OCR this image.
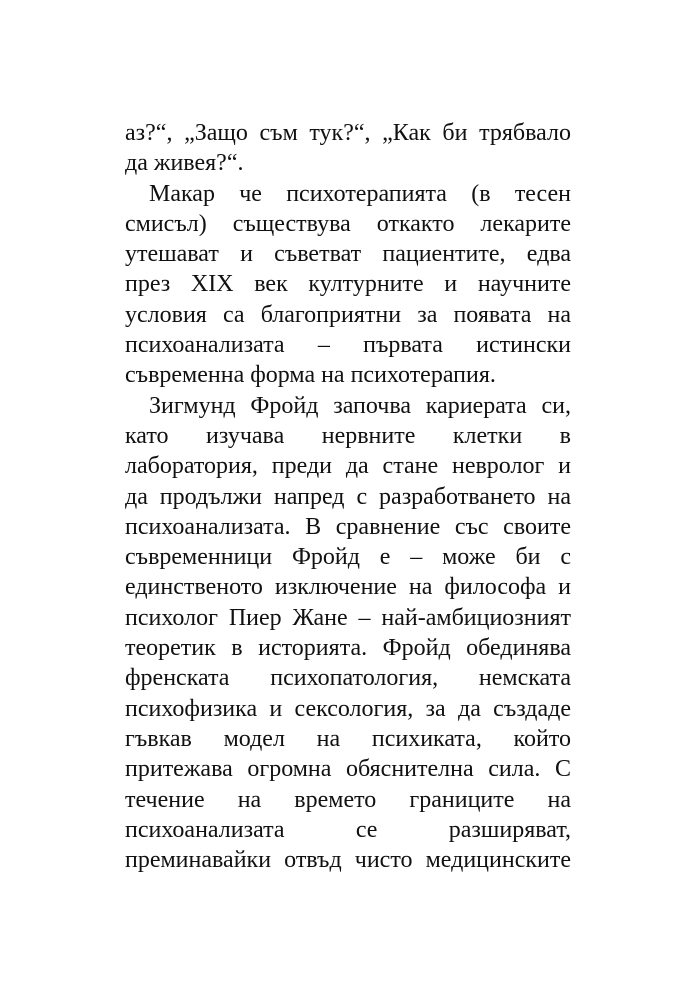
аз?“, „Защо съм тук?“, „Как би трябвало
да живея?“.
Макар че психотерапията (в тесен
смисъл) съществува откакто лекарите
утешават и съветват пациентите, едва
през XIX век културните и научните
условия са благоприятни за появата на
психоанализата – първата истински
съвременна форма на психотерапия.
Зигмунд Фройд започва кариерата си,
като изучава нервните клетки в
лаборатория, преди да стане невролог и
да продължи напред с разработването на
психоанализата. В сравнение със своите
съвременници Фройд е – може би с
единственото изключение на философа и
психолог Пиер Жане – най-амбициозният
теоретик в историята. Фройд обединява
френската психопатология, немската
психофизика и сексология, за да създаде
гъвкав модел на психиката, който
притежава огромна обяснителна сила. С
течение на времето границите на
психоанализата се разширяват,
преминавайки отвъд чисто медицинските
